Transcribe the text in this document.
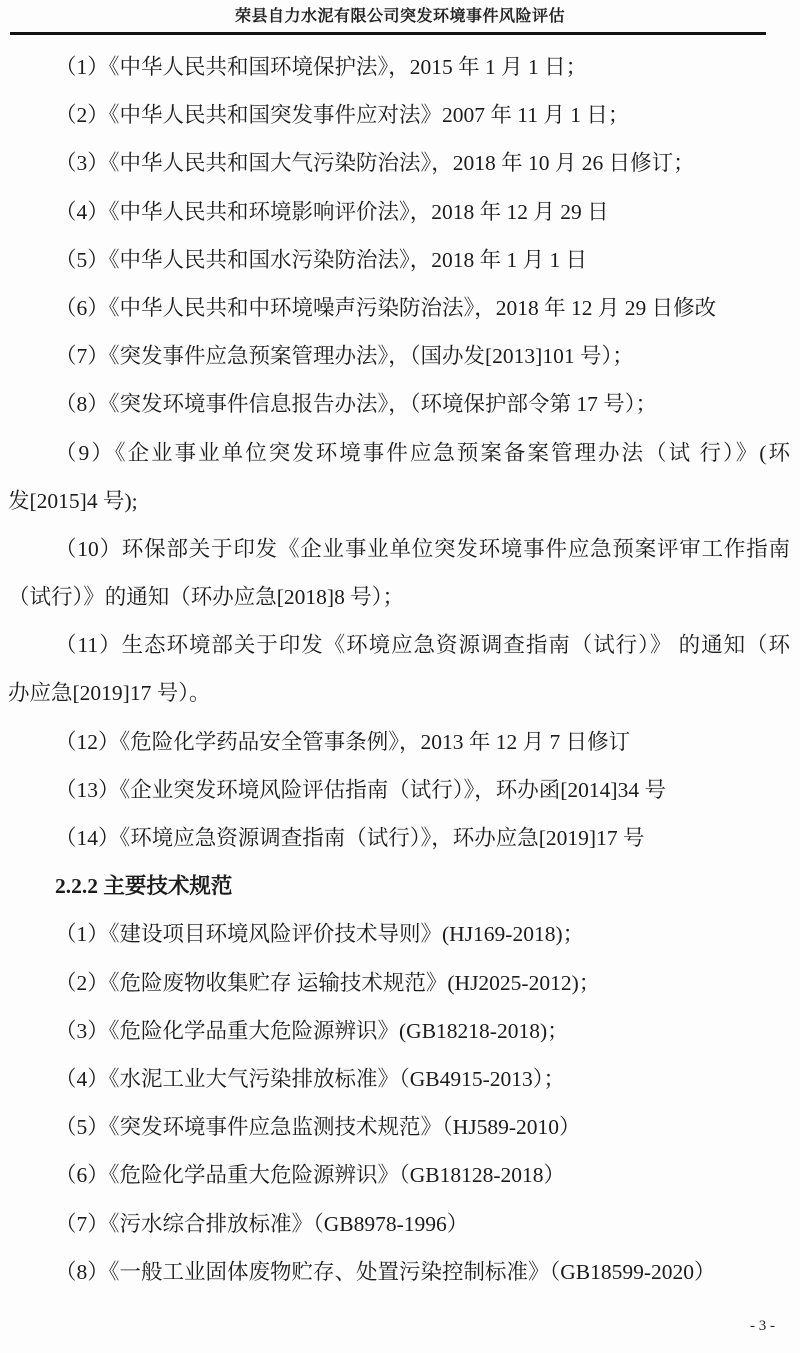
荣县自力水泥有限公司突发环境事件风险评估
（1）《中华人民共和国环境保护法》，2015 年 1 月 1 日；
（2）《中华人民共和国突发事件应对法》2007 年 11 月 1 日；
（3）《中华人民共和国大气污染防治法》，2018 年 10 月 26 日修订；
（4）《中华人民共和环境影响评价法》，2018 年 12 月 29 日
（5）《中华人民共和国水污染防治法》，2018 年 1 月 1 日
（6）《中华人民共和中环境噪声污染防治法》，2018 年 12 月 29 日修改
（7）《突发事件应急预案管理办法》，（国办发[2013]101 号）；
（8）《突发环境事件信息报告办法》，（环境保护部令第 17 号）；
（9）《企业事业单位突发环境事件应急预案备案管理办法（试 行）》(环
发[2015]4 号);
（10）环保部关于印发《企业事业单位突发环境事件应急预案评审工作指南
（试行）》的通知（环办应急[2018]8 号）；
（11）生态环境部关于印发《环境应急资源调查指南（试行）》 的通知（环
办应急[2019]17 号）。
（12）《危险化学药品安全管事条例》，2013 年 12 月 7 日修订
（13）《企业突发环境风险评估指南（试行）》，环办函[2014]34 号
（14）《环境应急资源调查指南（试行）》，环办应急[2019]17 号
2.2.2 主要技术规范
（1）《建设项目环境风险评价技术导则》(HJ169-2018)；
（2）《危险废物收集贮存 运输技术规范》(HJ2025-2012)；
（3）《危险化学品重大危险源辨识》(GB18218-2018)；
（4）《水泥工业大气污染排放标准》（GB4915-2013）；
（5）《突发环境事件应急监测技术规范》（HJ589-2010）
（6）《危险化学品重大危险源辨识》（GB18128-2018）
（7）《污水综合排放标准》（GB8978-1996）
（8）《一般工业固体废物贮存、处置污染控制标准》（GB18599-2020）
- 3 -
